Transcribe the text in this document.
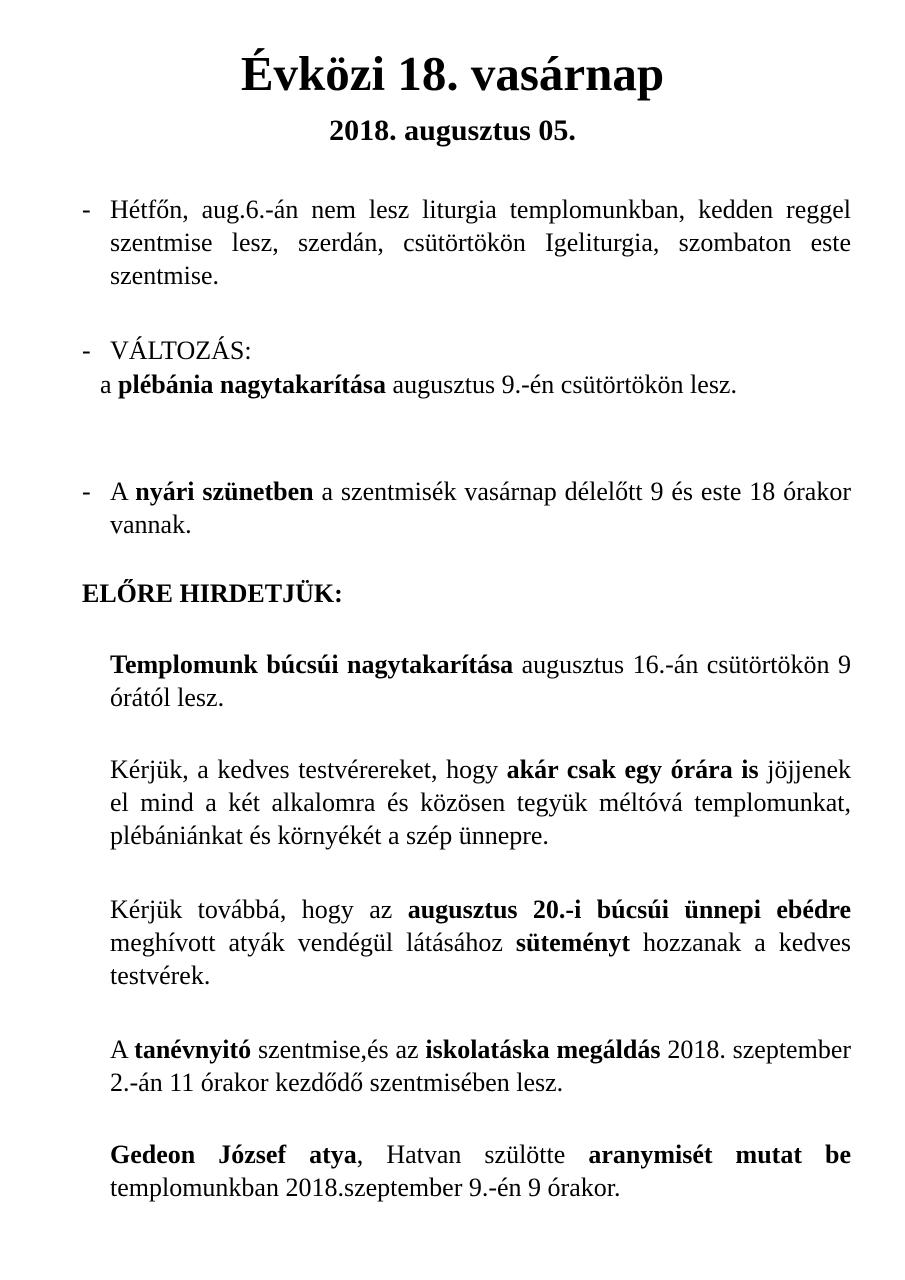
Évközi 18. vasárnap
2018. augusztus 05.
- Hétfőn, aug.6.-án nem lesz liturgia templomunkban, kedden reggel szentmise lesz, szerdán, csütörtökön Igeliturgia, szombaton este szentmise.

- VÁLTOZÁS:

a plébánia nagytakarítása augusztus 9.-én csütörtökön lesz.

- A nyári szünetben a szentmisék vasárnap délelőtt 9 és este 18 órakor vannak.

ELŐRE HIRDETJÜK:

Templomunk búcsúi nagytakarítása augusztus 16.-án csütörtökön 9 órától lesz.

Kérjük, a kedves testvérereket, hogy akár csak egy órára is jöjjenek el mind a két alkalomra és közösen tegyük méltóvá templomunkat, plébániánkat és környékét a szép ünnepre.

Kérjük továbbá, hogy az augusztus 20.-i búcsúi ünnepi ebédre meghívott atyák vendégül látásához süteményt hozzanak a kedves testvérek.

A tanévnyitó szentmise,és az iskolatáska megáldás 2018. szeptember 2.-án 11 órakor kezdődő szentmisében lesz.

Gedeon József atya, Hatvan szülötte aranymisét mutat be templomunkban 2018.szeptember 9.-én 9 órakor.
